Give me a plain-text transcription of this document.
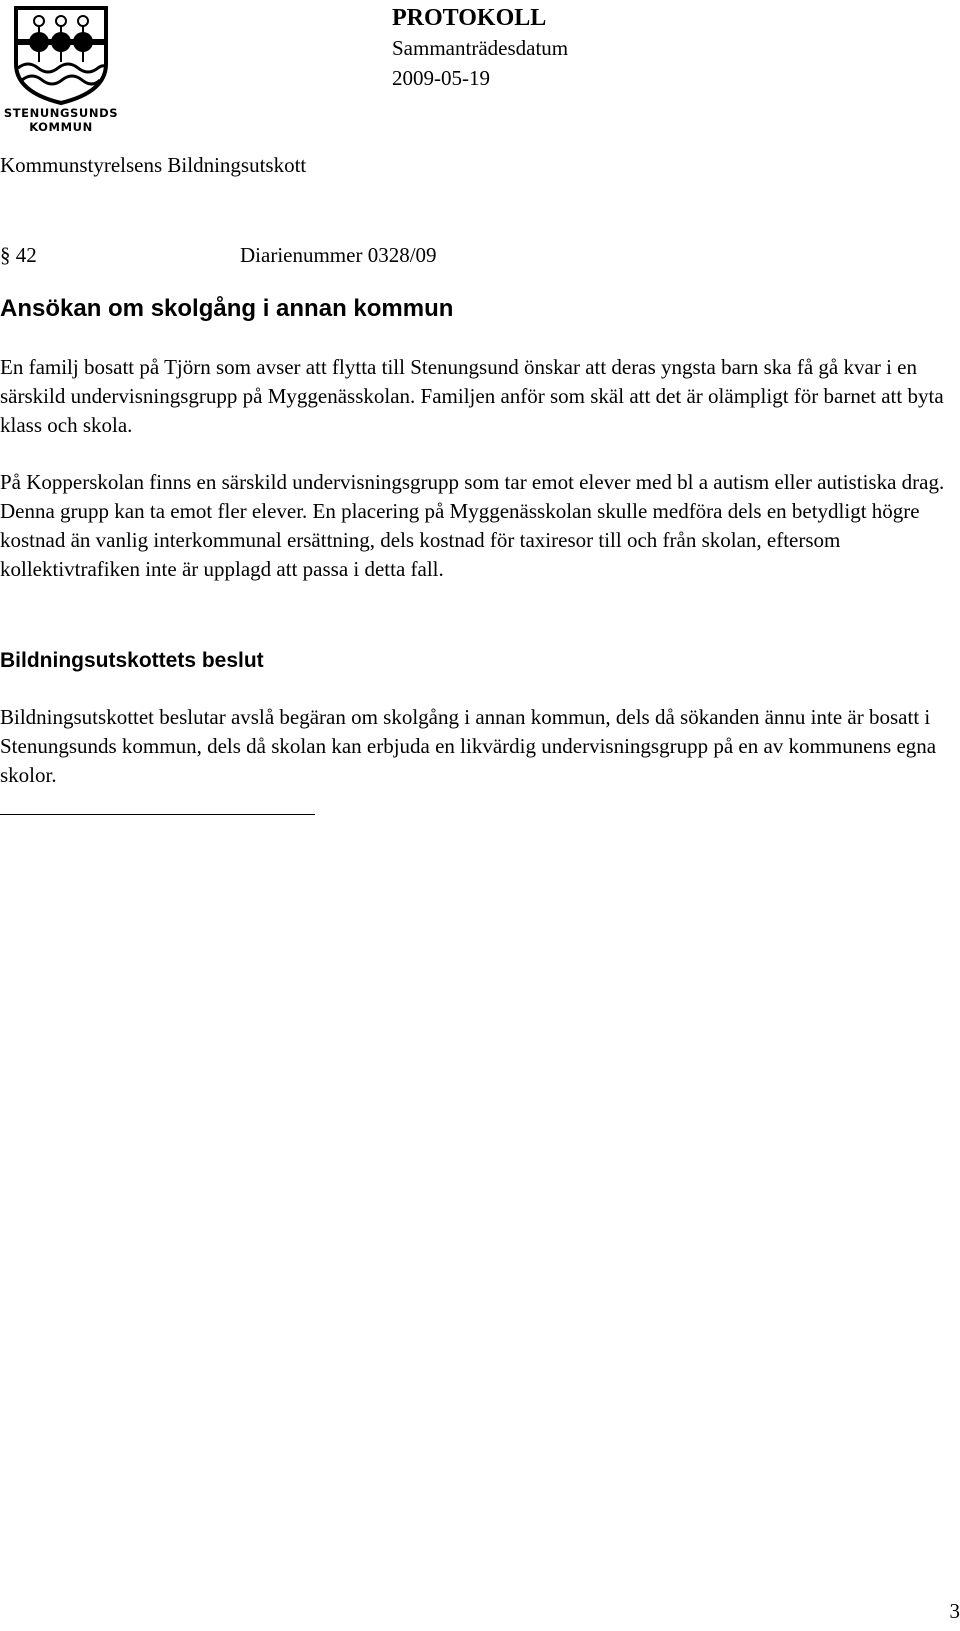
STENUNGSUNDS
KOMMUN
PROTOKOLL
Sammanträdesdatum
2009-05-19
Kommunstyrelsens Bildningsutskott
§ 42	Diarienummer 0328/09
Ansökan om skolgång i annan kommun

En familj bosatt på Tjörn som avser att flytta till Stenungsund önskar att deras yngsta barn ska få gå kvar i en särskild undervisningsgrupp på Myggenässkolan. Familjen anför som skäl att det är olämpligt för barnet att byta klass och skola.

På Kopperskolan finns en särskild undervisningsgrupp som tar emot elever med bl a autism eller autistiska drag. Denna grupp kan ta emot fler elever. En placering på Myggenässkolan skulle medföra dels en betydligt högre kostnad än vanlig interkommunal ersättning, dels kostnad för taxiresor till och från skolan, eftersom kollektivtrafiken inte är upplagd att passa i detta fall.

Bildningsutskottets beslut

Bildningsutskottet beslutar avslå begäran om skolgång i annan kommun, dels då sökanden ännu inte är bosatt i Stenungsunds kommun, dels då skolan kan erbjuda en likvärdig undervisningsgrupp på en av kommunens egna skolor.

3
